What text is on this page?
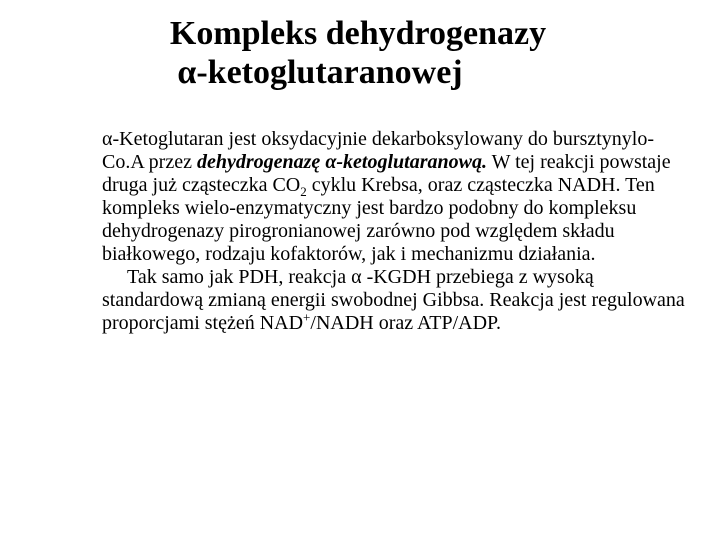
Kompleks dehydrogenazy
α-ketoglutaranowej

α-Ketoglutaran jest oksydacyjnie dekarboksylowany do bursztynylo-Co.A przez dehydrogenazę α-ketoglutaranową. W tej reakcji powstaje druga już cząsteczka $CO_2$ cyklu Krebsa, oraz cząsteczka NADH. Ten kompleks wielo-enzymatyczny jest bardzo podobny do kompleksu dehydrogenazy pirogronianowej zarówno pod względem składu białkowego, rodzaju kofaktorów, jak i mechanizmu działania.

Tak samo jak PDH, reakcja α -KGDH przebiega z wysoką standardową zmianą energii swobodnej Gibbsa. Reakcja jest regulowana proporcjami stężeń NAD+/NADH oraz ATP/ADP.
